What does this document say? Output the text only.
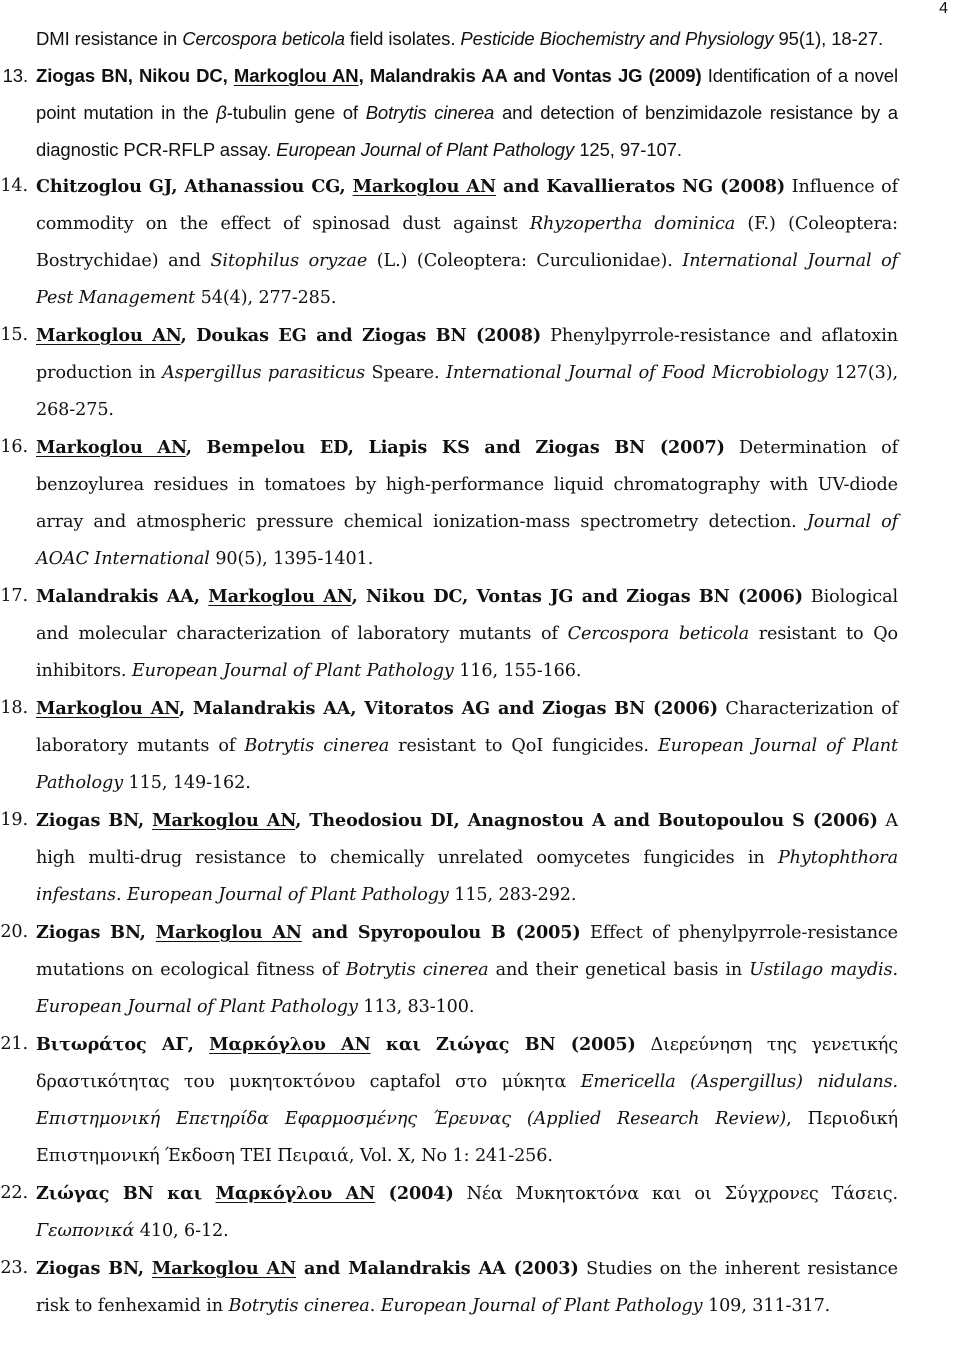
4
DMI resistance in Cercospora beticola field isolates. Pesticide Biochemistry and Physiology 95(1), 18-27.
13. Ziogas BN, Nikou DC, Markoglou AN, Malandrakis AA and Vontas JG (2009) Identification of a novel point mutation in the β-tubulin gene of Botrytis cinerea and detection of benzimidazole resistance by a diagnostic PCR-RFLP assay. European Journal of Plant Pathology 125, 97-107.
14. Chitzoglou GJ, Athanassiou CG, Markoglou AN and Kavallieratos NG (2008) Influence of commodity on the effect of spinosad dust against Rhyzopertha dominica (F.) (Coleoptera: Bostrychidae) and Sitophilus oryzae (L.) (Coleoptera: Curculionidae). International Journal of Pest Management 54(4), 277-285.
15. Markoglou AN, Doukas EG and Ziogas BN (2008) Phenylpyrrole-resistance and aflatoxin production in Aspergillus parasiticus Speare. International Journal of Food Microbiology 127(3), 268-275.
16. Markoglou AN, Bempelou ED, Liapis KS and Ziogas BN (2007) Determination of benzoylurea residues in tomatoes by high-performance liquid chromatography with UV-diode array and atmospheric pressure chemical ionization-mass spectrometry detection. Journal of AOAC International 90(5), 1395-1401.
17. Malandrakis AA, Markoglou AN, Nikou DC, Vontas JG and Ziogas BN (2006) Biological and molecular characterization of laboratory mutants of Cercospora beticola resistant to Qo inhibitors. European Journal of Plant Pathology 116, 155-166.
18. Markoglou AN, Malandrakis AA, Vitoratos AG and Ziogas BN (2006) Characterization of laboratory mutants of Botrytis cinerea resistant to QoI fungicides. European Journal of Plant Pathology 115, 149-162.
19. Ziogas BN, Markoglou AN, Theodosiou DI, Anagnostou A and Boutopoulou S (2006) A high multi-drug resistance to chemically unrelated oomycetes fungicides in Phytophthora infestans. European Journal of Plant Pathology 115, 283-292.
20. Ziogas BN, Markoglou AN and Spyropoulou B (2005) Effect of phenylpyrrole-resistance mutations on ecological fitness of Botrytis cinerea and their genetical basis in Ustilago maydis. European Journal of Plant Pathology 113, 83-100.
21. Βιτωράτος ΑΓ, Μαρκόγλου ΑΝ και Ζιώγας ΒΝ (2005) Διερεύνηση της γενετικής δραστικότητας του μυκητοκτόνου captafol στο μύκητα Emericella (Aspergillus) nidulans. Επιστημονική Επετηρίδα Εφαρμοσμένης Έρευνας (Applied Research Review), Περιοδική Επιστημονική Έκδοση ΤΕΙ Πειραιά, Vol. X, No 1: 241-256.
22. Ζιώγας ΒΝ και Μαρκόγλου ΑΝ (2004) Νέα Μυκητοκτόνα και οι Σύγχρονες Τάσεις. Γεωπονικά 410, 6-12.
23. Ziogas BN, Markoglou AN and Malandrakis AA (2003) Studies on the inherent resistance risk to fenhexamid in Botrytis cinerea. European Journal of Plant Pathology 109, 311-317.
